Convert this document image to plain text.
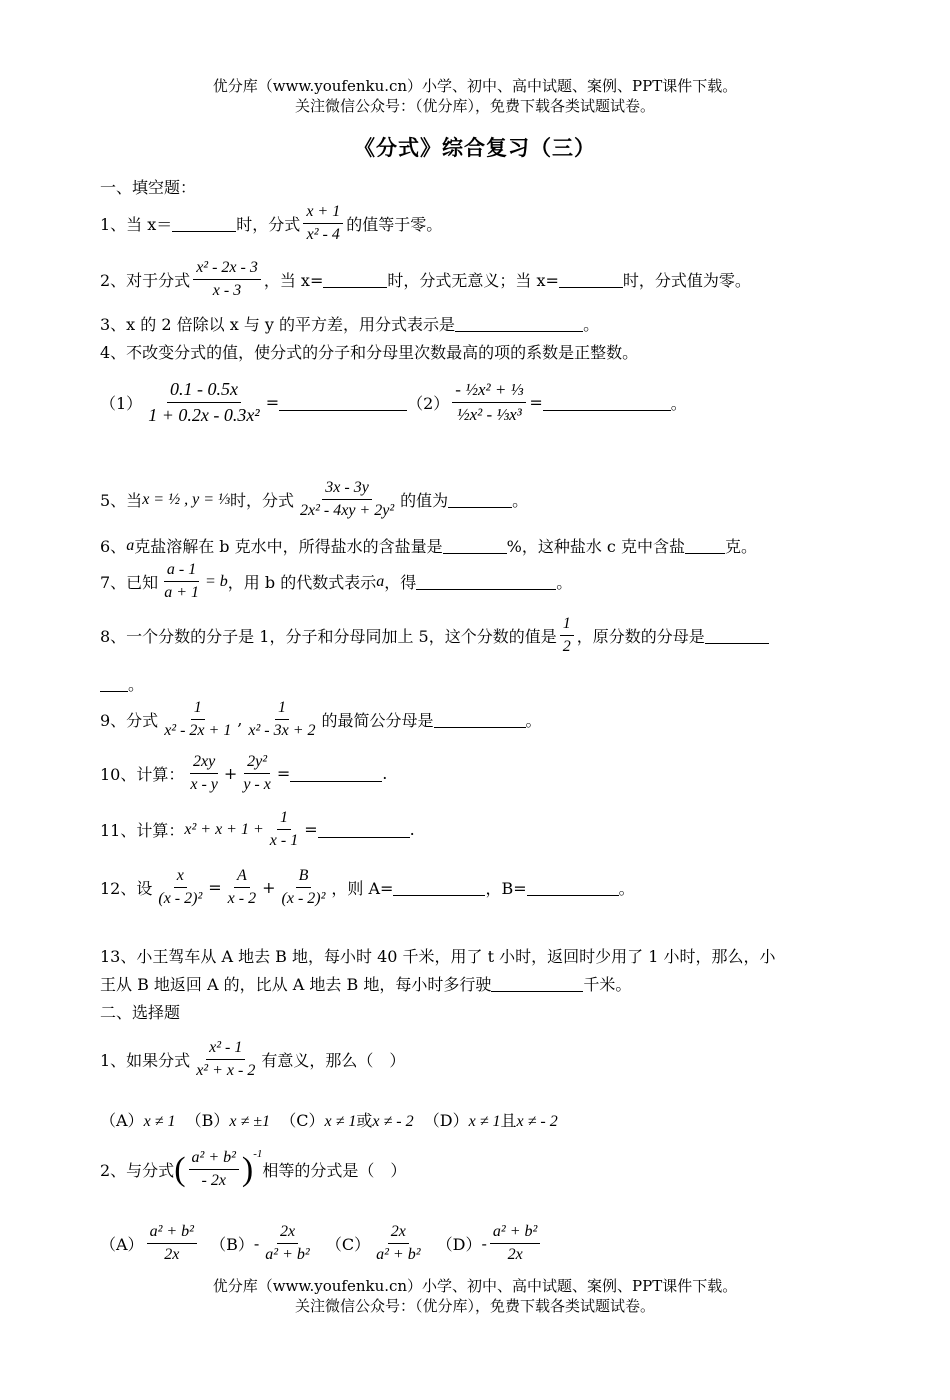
优分库（www.youfenku.cn）小学、初中、高中试题、案例、PPT课件下载。
关注微信公众号：（优分库），免费下载各类试题试卷。
《分式》综合复习（三）
一、填空题：
1、当 x＝	时，分式 $\frac{x + 1}{\text{x² - 4}}$ 的值等于零。
2、对于分式 $\frac{\text{x² - 2x - 3}}{x - 3}$ ，当 x=	时，分式无意义；当 x=	时，分式值为零。
3、x 的 2 倍除以 x 与 y 的平方差，用分式表示是	。
4、不改变分式的值，使分式的分子和分母里次数最高的项的系数是正整数。
$(1) \frac{0.1 - 0.5x}{\text{1 + 0.2x - 0.3x²}}$ =	$(2) \frac{\text{- ½x² + ⅓}}{\text{½x² - ⅓x³}}$ =	。
5、当 x = ½ , y = ⅓ 时，分式 $\frac{3x - 3y}{\text{2x² - 4xy + 2y²}}$ 的值为	。
6、 a 克盐溶解在 b 克水中，所得盐水的含盐量是	%，这种盐水 c 克中含盐	克。
7、已知 $\frac{a - 1}{a + 1} = b$ ，用 b 的代数式表示 a ，得	。
8、一个分数的分子是 1，分子和分母同加上 5，这个分数的值是 $\frac{1}{2}$ ，原分数的分母是
。
9、分式 $\frac{1}{\text{x² - 2x + 1}}$ , $\frac{1}{\text{x² - 3x + 2}}$ 的最简公分母是	。
10、计算： $\frac{2xy}{x - y} + \frac{\text{2y²}}{y - x}$ =	.
11、计算： $x^2 + x + 1 + \frac{1}{x - 1}$ =	.
12、设 $\frac{x}{\text{(x - 2)²}} = \frac{A}{x - 2} + \frac{B}{\text{(x - 2)²}}$ ，则 A=	，B=	。
13、小王驾车从 A 地去 B 地，每小时 40 千米，用了 t 小时，返回时少用了 1 小时，那么，小
王从 B 地返回 A 的，比从 A 地去 B 地，每小时多行驶	千米。
二、选择题
1、如果分式 $\frac{\text{x² - 1}}{\text{x² + x - 2}}$ 有意义，那么（　）
（A）x ≠ 1
（B）x ≠ ±1
（C）x ≠ 1或x ≠ - 2
（D）x ≠ 1且x ≠ - 2
2、与分式 ( $\frac{\text{a² + b²}}{- 2x} )^{-1}$
相等的分式是（　）
$(A) \frac{\text{a² + b²}}{2x}$
$(B) - \frac{2x}{\text{a² + b²}}$
$(C) \frac{2x}{\text{a² + b²}}$
$(D) - \frac{\text{a² + b²}}{2x}$
优分库（www.youfenku.cn）小学、初中、高中试题、案例、PPT课件下载。
关注微信公众号：（优分库），免费下载各类试题试卷。
